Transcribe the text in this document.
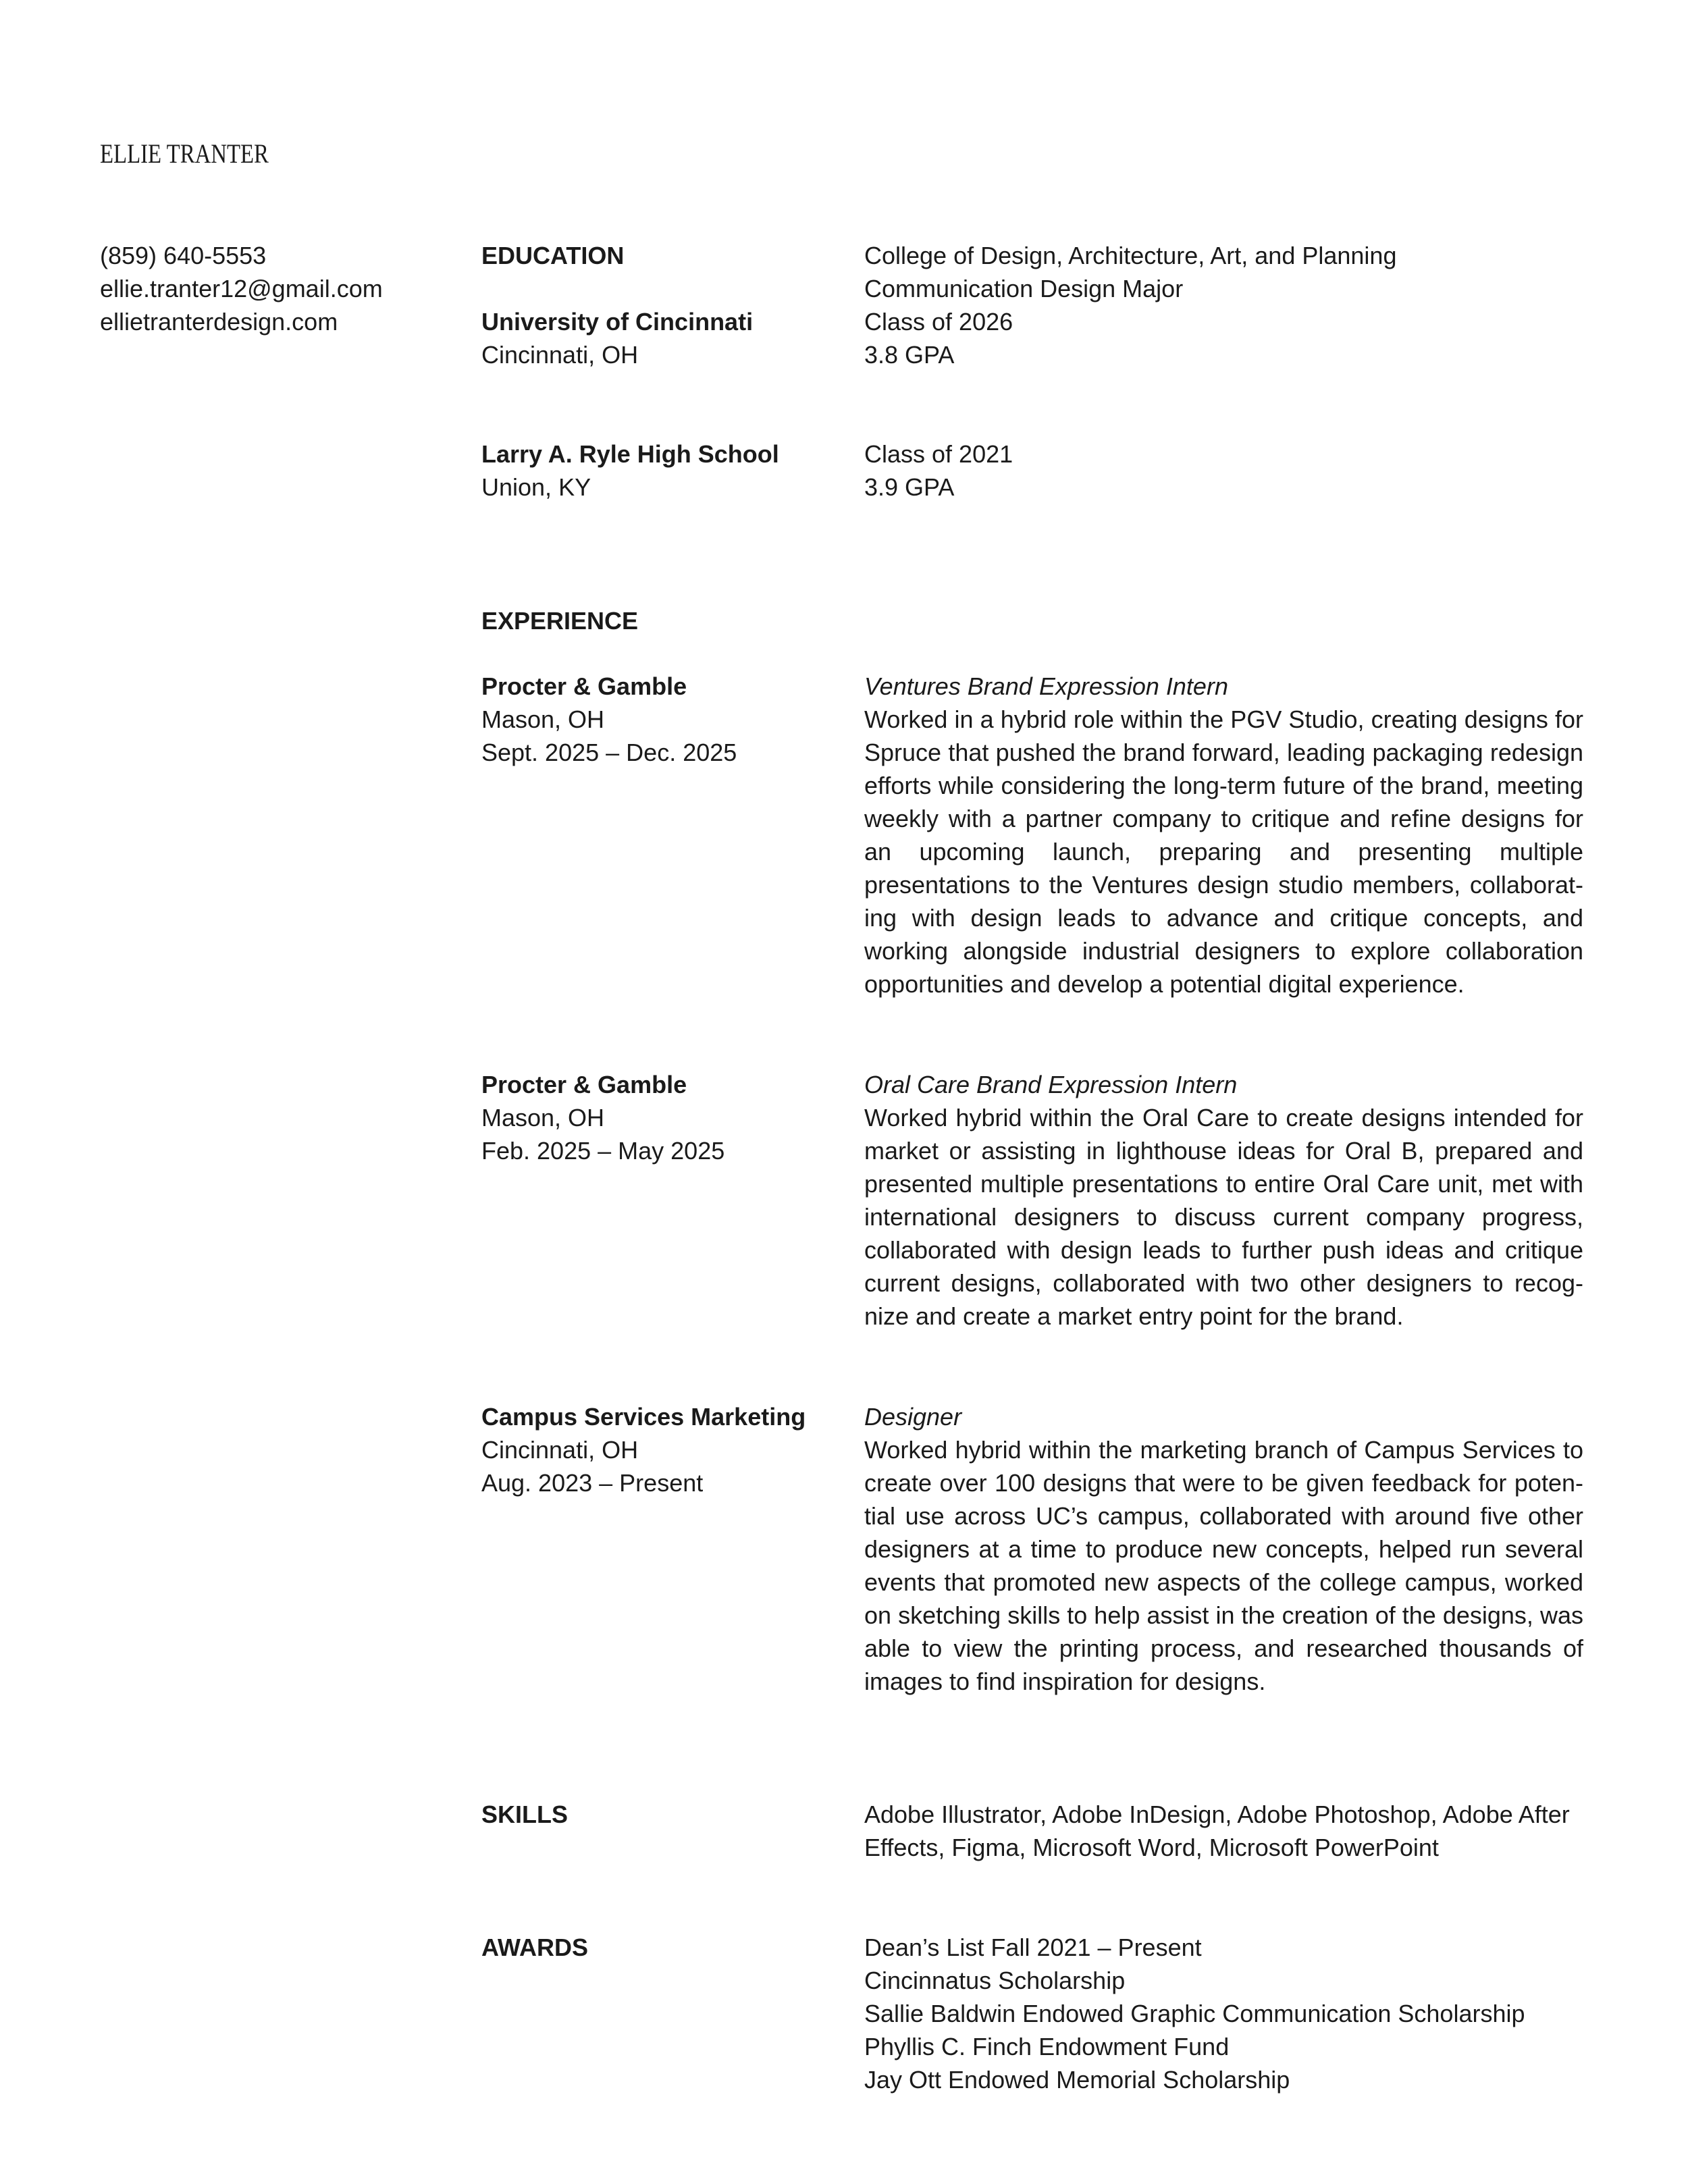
ELLIE TRANTER
(859) 640-5553
ellie.tranter12@gmail.com
ellietranterdesign.com
EDUCATION
University of Cincinnati
Cincinnati, OH
College of Design, Architecture, Art, and Planning
Communication Design Major
Class of 2026
3.8 GPA
Larry A. Ryle High School
Union, KY
Class of 2021
3.9 GPA
EXPERIENCE
Procter & Gamble
Mason, OH
Sept. 2025 – Dec. 2025
Ventures Brand Expression Intern
Worked in a hybrid role within the PGV Studio, creating designs for Spruce that pushed the brand forward, leading packaging redesign efforts while considering the long-term future of the brand, meeting weekly with a partner company to critique and refine designs for an upcoming launch, preparing and presenting multiple presentations to the Ventures design studio members, collaborating with design leads to advance and critique concepts, and working alongside industrial designers to explore collaboration opportunities and develop a potential digital experience.
Procter & Gamble
Mason, OH
Feb. 2025 – May 2025
Oral Care Brand Expression Intern
Worked hybrid within the Oral Care to create designs intended for market or assisting in lighthouse ideas for Oral B, prepared and presented multiple presentations to entire Oral Care unit, met with international designers to discuss current company progress, collaborated with design leads to further push ideas and critique current designs, collaborated with two other designers to recognize and create a market entry point for the brand.
Campus Services Marketing
Cincinnati, OH
Aug. 2023 – Present
Designer
Worked hybrid within the marketing branch of Campus Services to create over 100 designs that were to be given feedback for potential use across UC’s campus, collaborated with around five other designers at a time to produce new concepts, helped run several events that promoted new aspects of the college campus, worked on sketching skills to help assist in the creation of the designs, was able to view the printing process, and researched thousands of images to find inspiration for designs.
SKILLS	Adobe Illustrator, Adobe InDesign, Adobe Photoshop, Adobe After Effects, Figma, Microsoft Word, Microsoft PowerPoint
AWARDS	Dean’s List Fall 2021 – Present
Cincinnatus Scholarship
Sallie Baldwin Endowed Graphic Communication Scholarship
Phyllis C. Finch Endowment Fund
Jay Ott Endowed Memorial Scholarship
